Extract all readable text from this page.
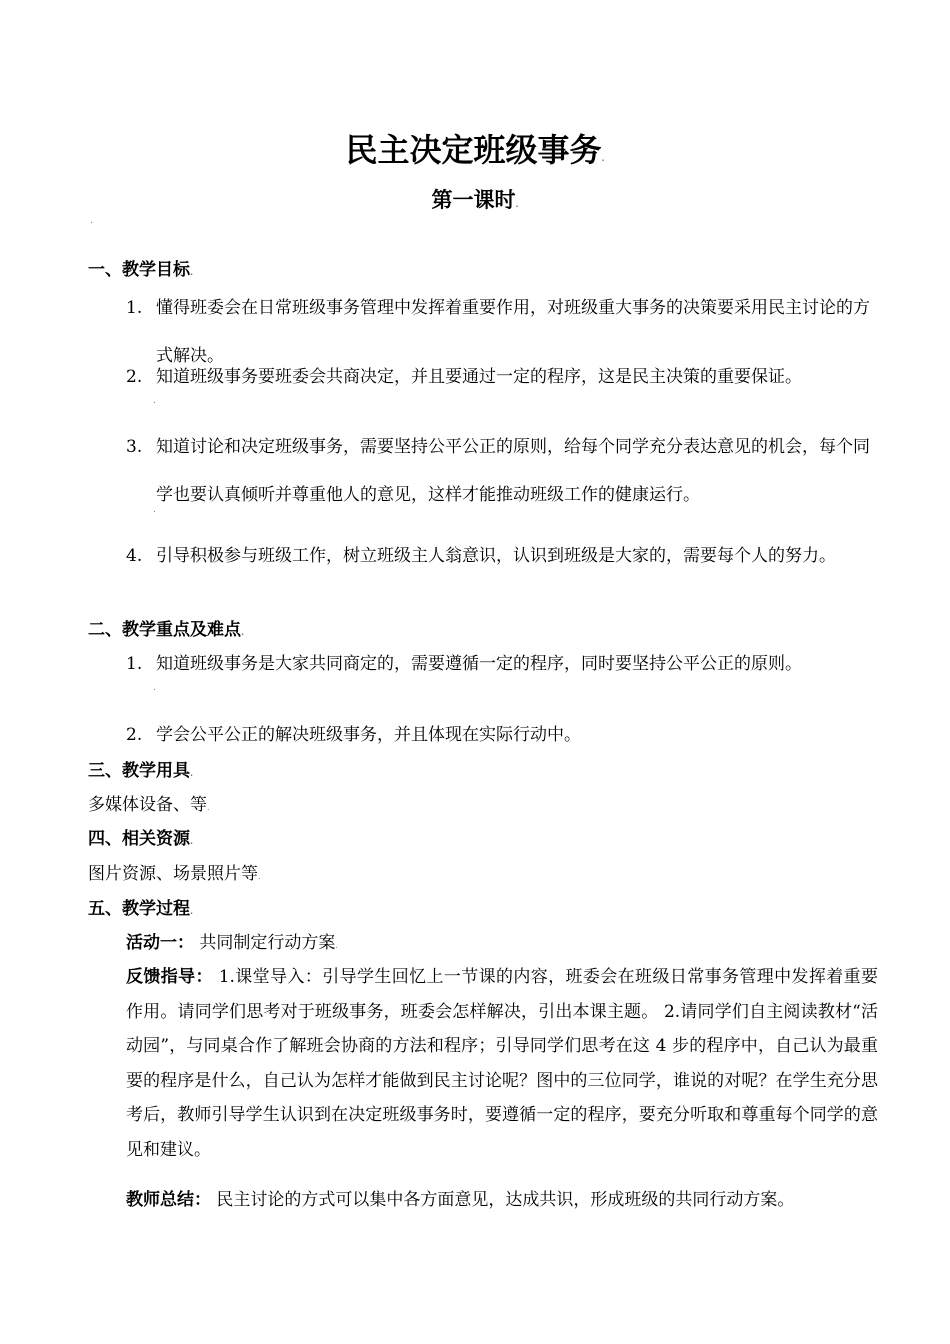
民主决定班级事务.
第一课时.
.
一、教学目标.
1. 懂得班委会在日常班级事务管理中发挥着重要作用，对班级重大事务的决策要采用民主讨论的方式解决。
2. 知道班级事务要班委会共商决定，并且要通过一定的程序，这是民主决策的重要保证。
.
3. 知道讨论和决定班级事务，需要坚持公平公正的原则，给每个同学充分表达意见的机会，每个同学也要认真倾听并尊重他人的意见，这样才能推动班级工作的健康运行。
.
4. 引导积极参与班级工作，树立班级主人翁意识，认识到班级是大家的，需要每个人的努力。
二、教学重点及难点.
1. 知道班级事务是大家共同商定的，需要遵循一定的程序，同时要坚持公平公正的原则。
.
2. 学会公平公正的解决班级事务，并且体现在实际行动中。
三、教学用具.
多媒体设备、等.
四、相关资源.
图片资源、场景照片等.
五、教学过程.
活动一： 共同制定行动方案.
反馈指导： 1.课堂导入：引导学生回忆上一节课的内容，班委会在班级日常事务管理中发挥着重要作用。请同学们思考对于班级事务，班委会怎样解决，引出本课主题。 2.请同学们自主阅读教材“活动园”，与同桌合作了解班会协商的方法和程序；引导同学们思考在这 4 步的程序中，自己认为最重要的程序是什么，自己认为怎样才能做到民主讨论呢？图中的三位同学，谁说的对呢？在学生充分思考后，教师引导学生认识到在决定班级事务时，要遵循一定的程序，要充分听取和尊重每个同学的意见和建议。
教师总结： 民主讨论的方式可以集中各方面意见，达成共识，形成班级的共同行动方案。
